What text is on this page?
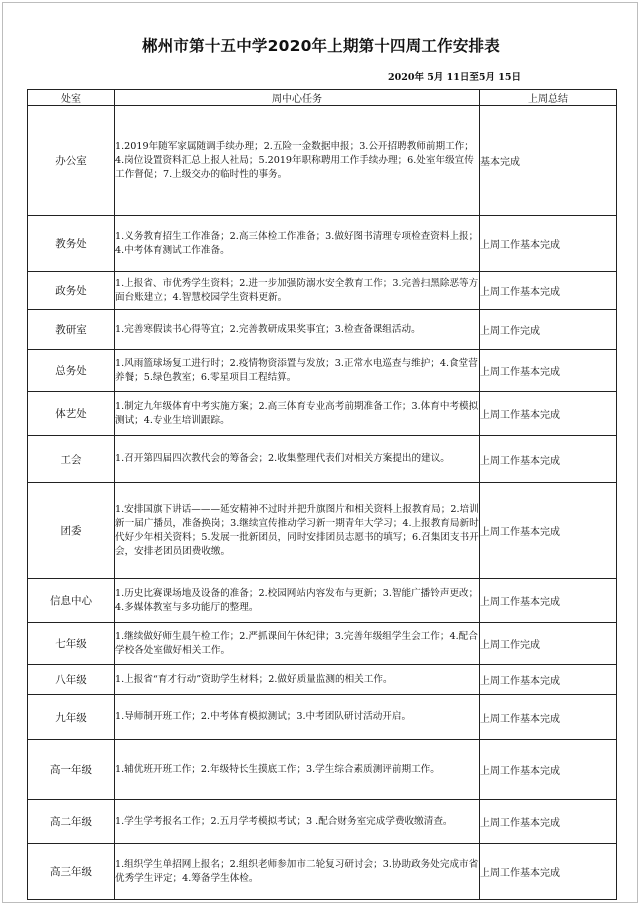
郴州市第十五中学2020年上期第十四周工作安排表
2020年 5月 11日至5月 15日
处室	周中心任务	上周总结
办公室	1.2019年随军家属随调手续办理；2.五险一金数据申报；3.公开招聘教师前期工作；4.岗位设置资料汇总上报人社局；5.2019年职称聘用工作手续办理；6.处室年级宣传工作督促；7.上级交办的临时性的事务。	基本完成
教务处	1.义务教育招生工作准备；2.高三体检工作准备；3.做好图书清理专项检查资料上报；4.中考体育测试工作准备。	上周工作基本完成
政务处	1.上报省、市优秀学生资料；2.进一步加强防溺水安全教育工作；3.完善扫黑除恶等方面台账建立；4.智慧校园学生资料更新。	上周工作基本完成
教研室	1.完善寒假读书心得等宜；2.完善教研成果奖事宜；3.检查备课组活动。	上周工作完成
总务处	1.风雨篮球场复工进行时；2.疫情物资添置与发放；3.正常水电巡查与维护；4.食堂营养餐；5.绿色教室；6.零星项目工程结算。	上周工作基本完成
体艺处	1.制定九年级体育中考实施方案；2.高三体育专业高考前期准备工作；3.体育中考模拟测试；4.专业生培训跟踪。	上周工作基本完成
工会	1.召开第四届四次教代会的筹备会；2.收集整理代表们对相关方案提出的建议。	上周工作基本完成
团委	1.安排国旗下讲话———延安精神不过时并把升旗图片和相关资料上报教育局；2.培训新一届广播员，准备换岗；3.继续宣传推动学习新一期青年大学习；4.上报教育局新时代好少年相关资料；5.发展一批新团员，同时安排团员志愿书的填写；6.召集团支书开会，安排老团员团费收缴。	上周工作基本完成
信息中心	1.历史比赛课场地及设备的准备；2.校园网站内容发布与更新；3.智能广播铃声更改；4.多媒体教室与多功能厅的整理。	上周工作基本完成
七年级	1.继续做好师生晨午检工作；2.严抓课间午休纪律；3.完善年级组学生会工作；4.配合学校各处室做好相关工作。	上周工作完成
八年级	1.上报省“育才行动”资助学生材料；2.做好质量监测的相关工作。	上周工作基本完成
九年级	1.导师制开班工作；2.中考体育模拟测试；3.中考团队研讨活动开启。	上周工作基本完成
高一年级	1.辅优班开班工作；2.年级特长生摸底工作；3.学生综合素质测评前期工作。	上周工作基本完成
高二年级	1.学生学考报名工作；2.五月学考模拟考试；3 .配合财务室完成学费收缴清查。	上周工作基本完成
高三年级	1.组织学生单招网上报名；2.组织老师参加市二轮复习研讨会；3.协助政务处完成市省优秀学生评定；4.筹备学生体检。	上周工作基本完成
